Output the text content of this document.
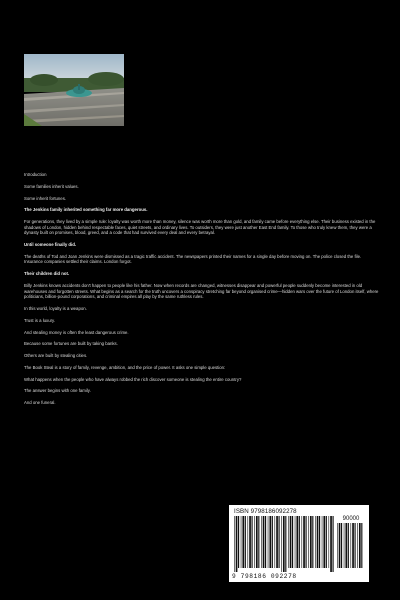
Introduction

Some families inherit values.

Some inherit fortunes.

The Jenkins family inherited something far more dangerous.

For generations, they lived by a simple rule: loyalty was worth more than money, silence was worth more than gold, and family came before everything else. Their business existed in the shadows of London, hidden behind respectable faces, quiet streets, and ordinary lives. To outsiders, they were just another East End family. To those who truly knew them, they were a dynasty built on promises, blood, greed, and a code that had survived every deal and every betrayal.

Until someone finally did.

The deaths of Tod and Joan Jenkins were dismissed as a tragic traffic accident. The newspapers printed their names for a single day before moving on. The police closed the file. Insurance companies settled their claims. London forgot.

Their children did not.

Billy Jenkins knows accidents don't happen to people like his father. Now when records are changed, witnesses disappear and powerful people suddenly become interested in old warehouses and forgotten streets. What begins as a search for the truth uncovers a conspiracy stretching far beyond organised crime—hidden wars over the future of London itself, where politicians, billion-pound corporations, and criminal empires all play by the same ruthless rules.

In this world, loyalty is a weapon.

Trust is a luxury.

And stealing money is often the least dangerous crime.

Because some fortunes are built by taking banks.

Others are built by stealing cities.

The Book Steal is a story of family, revenge, ambition, and the price of power. It asks one simple question:

What happens when the people who have always robbed the rich discover someone is stealing the entire country?

The answer begins with one family.

And one funeral.

ISBN 9798186092278
90000
9 798186 092278
